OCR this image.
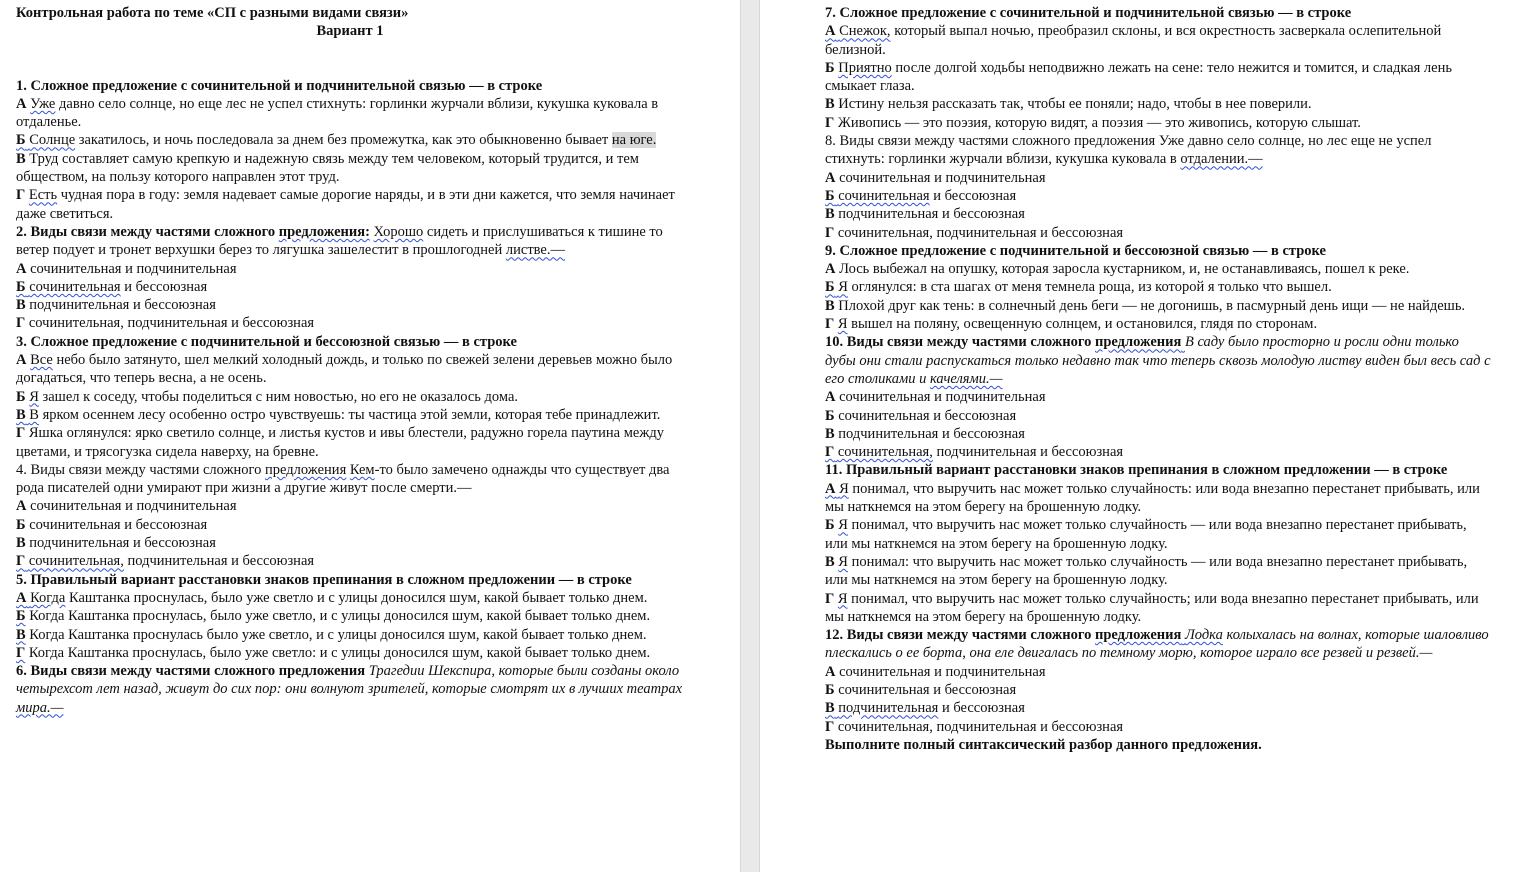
Контрольная работа по теме «СП с разными видами связи»

Вариант 1

1. Сложное предложение с сочинительной и подчинительной связью — в строке

А Уже давно село солнце, но еще лес не успел стихнуть: горлинки журчали вблизи, кукушка куковала в отдаленье.

Б Солнце закатилось, и ночь последовала за днем без промежутка, как это обыкновенно бывает на юге.

В Труд составляет самую крепкую и надежную связь между тем человеком, который трудится, и тем обществом, на пользу которого направлен этот труд.

Г Есть чудная пора в году: земля надевает самые дорогие наряды, и в эти дни кажется, что земля начинает даже светиться.

2. Виды связи между частями сложного предложения: Хорошо сидеть и прислушиваться к тишине то ветер подует и тронет верхушки берез то лягушка зашелестит в прошлогодней листве.—

А сочинительная и подчинительная

Б сочинительная и бессоюзная

В подчинительная и бессоюзная

Г сочинительная, подчинительная и бессоюзная

3. Сложное предложение с подчинительной и бессоюзной связью — в строке

А Все небо было затянуто, шел мелкий холодный дождь, и только по свежей зелени деревьев можно было догадаться, что теперь весна, а не осень.

Б Я зашел к соседу, чтобы поделиться с ним новостью, но его не оказалось дома.

В В ярком осеннем лесу особенно остро чувствуешь: ты частица этой земли, которая тебе принадлежит.

Г Яшка оглянулся: ярко светило солнце, и листья кустов и ивы блестели, радужно горела паутина между цветами, и трясогузка сидела наверху, на бревне.

4. Виды связи между частями сложного предложения Кем-то было замечено однажды что существует два рода писателей одни умирают при жизни а другие живут после смерти.—

А сочинительная и подчинительная

Б сочинительная и бессоюзная

В подчинительная и бессоюзная

Г сочинительная, подчинительная и бессоюзная

5. Правильный вариант расстановки знаков препинания в сложном предложении — в строке

А Когда Каштанка проснулась, было уже светло и с улицы доносился шум, какой бывает только днем.

Б Когда Каштанка проснулась, было уже светло, и с улицы доносился шум, какой бывает только днем.

В Когда Каштанка проснулась было уже светло, и с улицы доносился шум, какой бывает только днем.

Г Когда Каштанка проснулась, было уже светло: и с улицы доносился шум, какой бывает только днем.

6. Виды связи между частями сложного предложения Трагедии Шекспира, которые были созданы около четырехсот лет назад, живут до сих пор: они волнуют зрителей, которые смотрят их в лучших театрах мира.—

7. Сложное предложение с сочинительной и подчинительной связью — в строке

А Снежок, который выпал ночью, преобразил склоны, и вся окрестность засверкала ослепительной белизной.

Б Приятно после долгой ходьбы неподвижно лежать на сене: тело нежится и томится, и сладкая лень смыкает глаза.

В Истину нельзя рассказать так, чтобы ее поняли; надо, чтобы в нее поверили.

Г Живопись — это поэзия, которую видят, а поэзия — это живопись, которую слышат.

8. Виды связи между частями сложного предложения Уже давно село солнце, но лес еще не успел стихнуть: горлинки журчали вблизи, кукушка куковала в отдалении.—

А сочинительная и подчинительная

Б сочинительная и бессоюзная

В подчинительная и бессоюзная

Г сочинительная, подчинительная и бессоюзная

9. Сложное предложение с подчинительной и бессоюзной связью — в строке

А Лось выбежал на опушку, которая заросла кустарником, и, не останавливаясь, пошел к реке.

Б Я оглянулся: в ста шагах от меня темнела роща, из которой я только что вышел.

В Плохой друг как тень: в солнечный день беги — не догонишь, в пасмурный день ищи — не найдешь.

Г Я вышел на поляну, освещенную солнцем, и остановился, глядя по сторонам.

10. Виды связи между частями сложного предложения В саду было просторно и росли одни только дубы они стали распускаться только недавно так что теперь сквозь молодую листву виден был весь сад с его столиками и качелями.—

А сочинительная и подчинительная

Б сочинительная и бессоюзная

В подчинительная и бессоюзная

Г сочинительная, подчинительная и бессоюзная

11. Правильный вариант расстановки знаков препинания в сложном предложении — в строке

А Я понимал, что выручить нас может только случайность: или вода внезапно перестанет прибывать, или мы наткнемся на этом берегу на брошенную лодку.

Б Я понимал, что выручить нас может только случайность — или вода внезапно перестанет прибывать, или мы наткнемся на этом берегу на брошенную лодку.

В Я понимал: что выручить нас может только случайность — или вода внезапно перестанет прибывать, или мы наткнемся на этом берегу на брошенную лодку.

Г Я понимал, что выручить нас может только случайность; или вода внезапно перестанет прибывать, или мы наткнемся на этом берегу на брошенную лодку.

12. Виды связи между частями сложного предложения Лодка колыхалась на волнах, которые шаловливо плескались о ее борта, она еле двигалась по темному морю, которое играло все резвей и резвей.—

А сочинительная и подчинительная

Б сочинительная и бессоюзная

В подчинительная и бессоюзная

Г сочинительная, подчинительная и бессоюзная

Выполните полный синтаксический разбор данного предложения.
